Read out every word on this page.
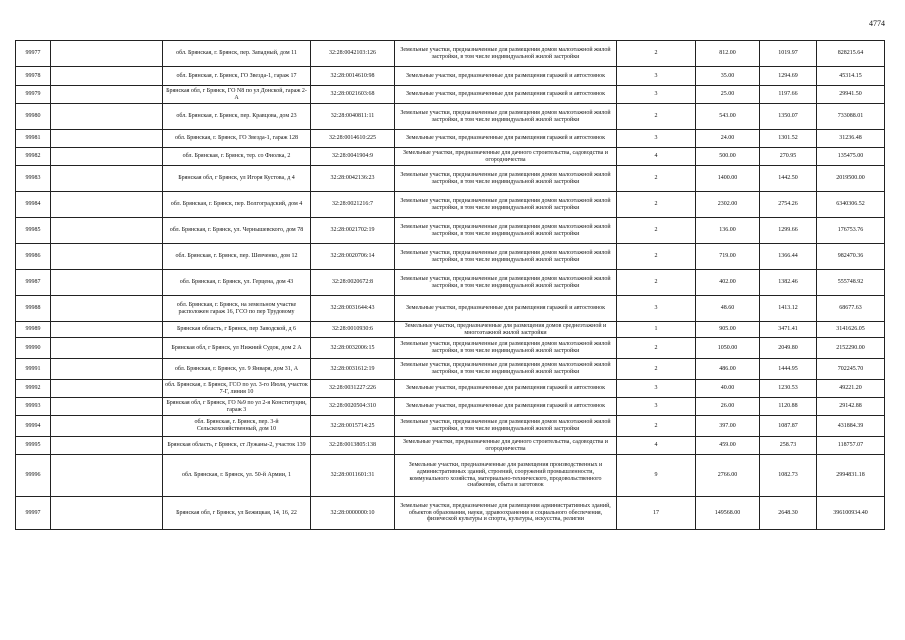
4774
99977		обл. Брянская, г. Брянск, пер. Западный, дом 11	32:28:0042103:126	Земельные участки, предназначенные для размещения домов малоэтажной жилой застройки, в том числе индивидуальной жилой застройки	2	812.00	1019.97	828215.64
99978		обл. Брянская, г. Брянск, ГО Звезда-1, гараж 17	32:28:0014610:98	Земельные участки, предназначенные для размещения гаражей и автостоянок	3	35.00	1294.69	45314.15
99979		Брянская обл, г Брянск, ГО N8 по ул Донской, гараж 2-А	32:28:0021603:68	Земельные участки, предназначенные для размещения гаражей и автостоянок	3	25.00	1197.66	29941.50
99980		обл. Брянская, г. Брянск, пер. Кравцова, дом 23	32:28:0040811:11	Земельные участки, предназначенные для размещения домов малоэтажной жилой застройки, в том числе индивидуальной жилой застройки	2	543.00	1350.07	733088.01
99981		обл. Брянская, г. Брянск, ГО Звезда-1, гараж 128	32:28:0014610:225	Земельные участки, предназначенные для размещения гаражей и автостоянок	3	24.00	1301.52	31236.48
99982		обл. Брянская, г. Брянск, тер. со Фиолка, 2	32:28:0041904:9	Земельные участки, предназначенные для дачного строительства, садоводства и огородничества	4	500.00	270.95	135475.00
99983		Брянская обл, г Брянск, ул Игоря Кустова, д 4	32:28:0042136:23	Земельные участки, предназначенные для размещения домов малоэтажной жилой застройки, в том числе индивидуальной жилой застройки	2	1400.00	1442.50	2019500.00
99984		обл. Брянская, г. Брянск, пер. Волгоградский, дом 4	32:28:0021216:7	Земельные участки, предназначенные для размещения домов малоэтажной жилой застройки, в том числе индивидуальной жилой застройки	2	2302.00	2754.26	6340306.52
99985		обл. Брянская, г. Брянск, ул. Чернышевского, дом 78	32:28:0021702:19	Земельные участки, предназначенные для размещения домов малоэтажной жилой застройки, в том числе индивидуальной жилой застройки	2	136.00	1299.66	176753.76
99986		обл. Брянская, г. Брянск, пер. Шевченко, дом 12	32:28:0020706:14	Земельные участки, предназначенные для размещения домов малоэтажной жилой застройки, в том числе индивидуальной жилой застройки	2	719.00	1366.44	982470.36
99987		обл. Брянская, г. Брянск, ул. Герцена, дом 43	32:28:0020672:8	Земельные участки, предназначенные для размещения домов малоэтажной жилой застройки, в том числе индивидуальной жилой застройки	2	402.00	1382.46	555748.92
99988		обл. Брянская, г. Брянск, на земельном участке расположен гараж 16, ГСО по пер Трудовому	32:28:0031644:43	Земельные участки, предназначенные для размещения гаражей и автостоянок	3	48.60	1413.12	68677.63
99989		Брянская область, г Брянск, пер Заводской, д 6	32:28:0010930:6	Земельные участки, предназначенные для размещения домов среднеэтажной и многоэтажной жилой застройки	1	905.00	3471.41	3141626.05
99990		Брянская обл, г Брянск, ул Нижний Судок, дом 2 А	32:28:0032006:15	Земельные участки, предназначенные для размещения домов малоэтажной жилой застройки, в том числе индивидуальной жилой застройки	2	1050.00	2049.80	2152290.00
99991		обл. Брянская, г. Брянск, ул. 9 Января, дом 31, А	32:28:0031612:19	Земельные участки, предназначенные для размещения домов малоэтажной жилой застройки, в том числе индивидуальной жилой застройки	2	486.00	1444.95	702245.70
99992		обл. Брянская, г. Брянск, ГСО по ул. 3-го Июля, участок 7-Г, линия 10	32:28:0031227:226	Земельные участки, предназначенные для размещения гаражей и автостоянок	3	40.00	1230.53	49221.20
99993		Брянская обл, г Брянск, ГО №9 по ул 2-я Конституции, гараж 3	32:28:0020504:310	Земельные участки, предназначенные для размещения гаражей и автостоянок	3	26.00	1120.88	29142.88
99994		обл. Брянская, г. Брянск, пер. 3-й Сельскохозяйственный, дом 10	32:28:0015714:25	Земельные участки, предназначенные для размещения домов малоэтажной жилой застройки, в том числе индивидуальной жилой застройки	2	397.00	1087.87	431884.39
99995		Брянская область, г Брянск, ст Лужаны-2, участок 139	32:28:0013805:138	Земельные участки, предназначенные для дачного строительства, садоводства и огородничества	4	459.00	258.73	118757.07
99996		обл. Брянская, г. Брянск, ул. 50-й Армии, 1	32:28:0011601:31	Земельные участки, предназначенные для размещения производственных и административных зданий, строений, сооружений промышленности, коммунального хозяйства, материально-технического, продовольственного снабжения, сбыта и заготовок	9	2766.00	1082.73	2994831.18
99997		Брянская обл, г Брянск, ул Бежицкая, 14, 16, 22	32:28:0000000:10	Земельные участки, предназначенные для размещения административных зданий, объектов образования, науки, здравоохранения и социального обеспечения, физической культуры и спорта, культуры, искусства, религии	17	149568.00	2648.30	396100934.40
